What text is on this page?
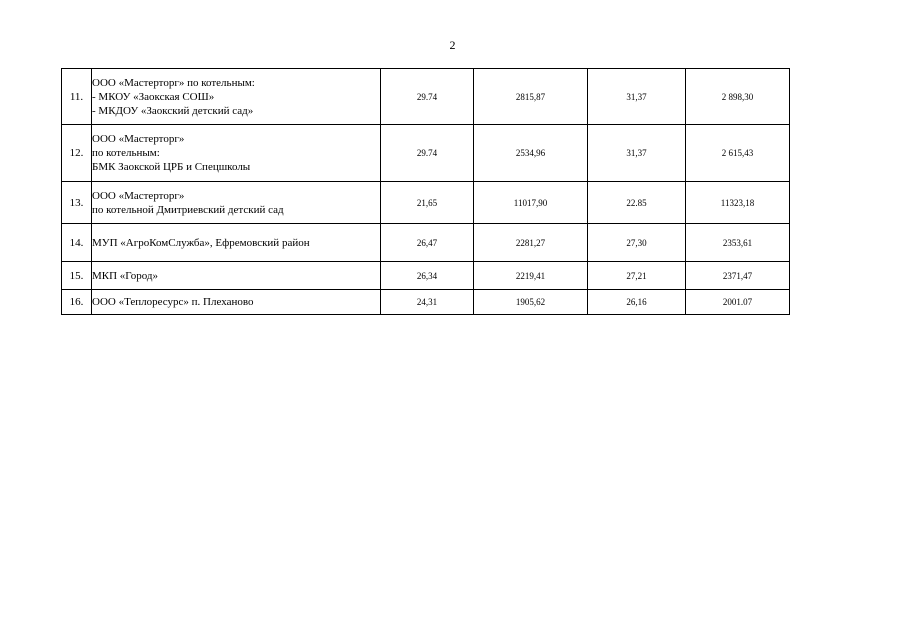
2
11.	ООО «Мастерторг» по котельным:
- МКОУ «Заокская СОШ»
- МКДОУ «Заокский детский сад»	29.74	2815,87	31,37	2 898,30
12.	ООО «Мастерторг»
по котельным:
БМК Заокской ЦРБ и Спецшколы	29.74	2534,96	31,37	2 615,43
13.	ООО «Мастерторг»
по котельной Дмитриевский детский сад	21,65	11017,90	22.85	11323,18
14.	МУП «АгроКомСлужба», Ефремовский район	26,47	2281,27	27,30	2353,61
15.	МКП «Город»	26,34	2219,41	27,21	2371,47
16.	ООО «Теплоресурс» п. Плеханово	24,31	1905,62	26,16	2001.07
